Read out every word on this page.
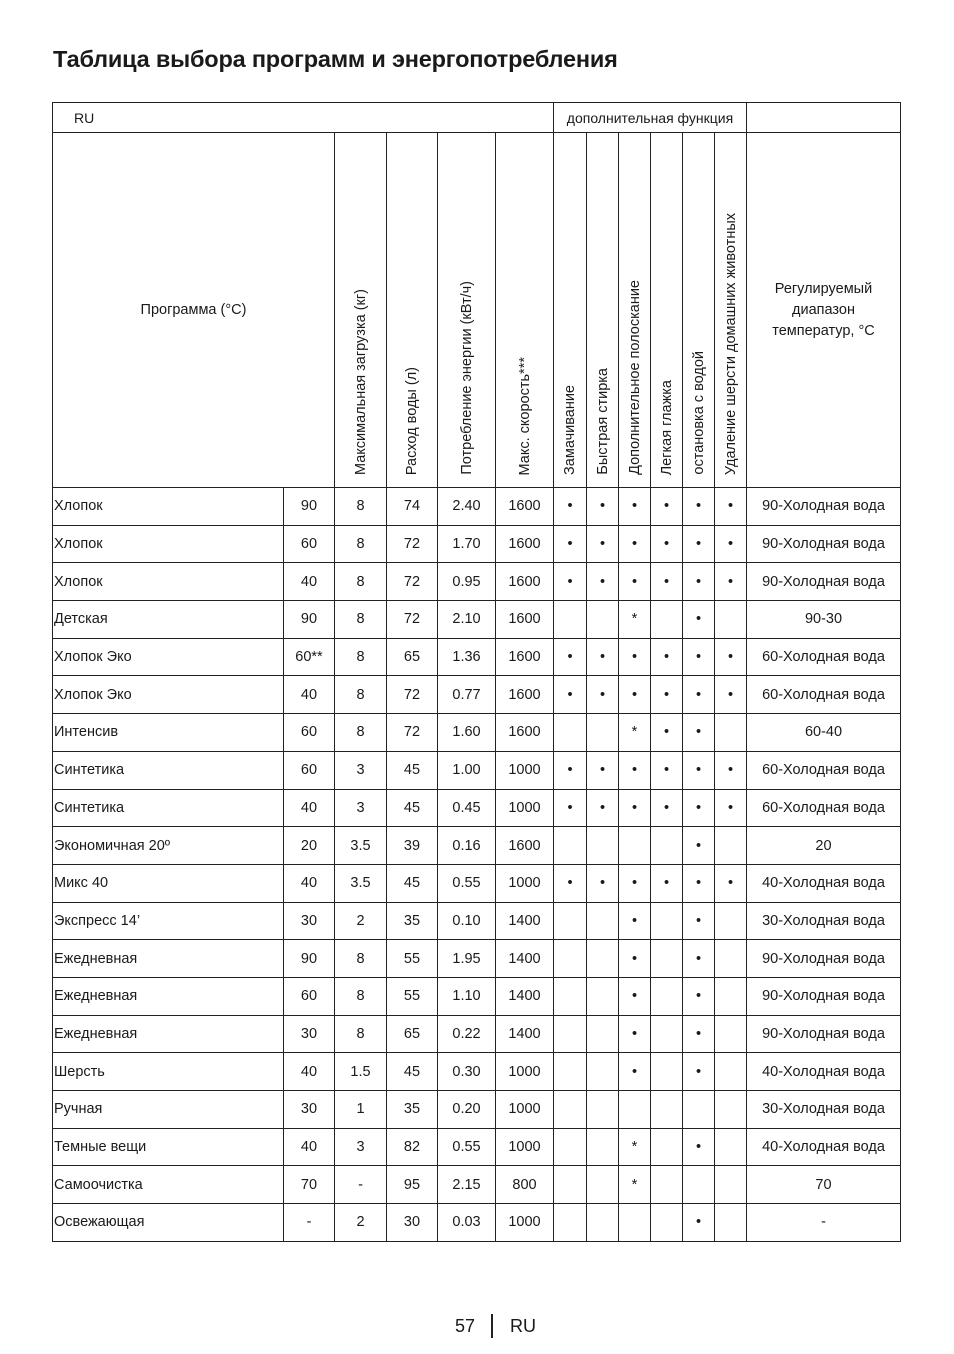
Таблица выбора программ и энергопотребления
RU						дополнительная функция						
Программа (°C)		Максимальная загрузка (кг)	Расход воды (л)	Потребление энергии (кВт/ч)	Макс. скорость***	Замачивание	Быстрая стирка	Дополнительное полоскание	Легкая глажка	остановка с водой	Удаление шерсти домашних животных	Регулируемый
диапазон
температур, °C

Хлопок	90	8	74	2.40	1600	•	•	•	•	•	•	90-Холодная вода
Хлопок	60	8	72	1.70	1600	•	•	•	•	•	•	90-Холодная вода
Хлопок	40	8	72	0.95	1600	•	•	•	•	•	•	90-Холодная вода
Детская	90	8	72	2.10	1600			*		•		90-30
Хлопок Эко	60**	8	65	1.36	1600	•	•	•	•	•	•	60-Холодная вода
Хлопок Эко	40	8	72	0.77	1600	•	•	•	•	•	•	60-Холодная вода
Интенсив	60	8	72	1.60	1600			*	•	•		60-40
Синтетика	60	3	45	1.00	1000	•	•	•	•	•	•	60-Холодная вода
Синтетика	40	3	45	0.45	1000	•	•	•	•	•	•	60-Холодная вода
Экономичная 20º	20	3.5	39	0.16	1600					•		20
Микс 40	40	3.5	45	0.55	1000	•	•	•	•	•	•	40-Холодная вода
Экспресс 14’	30	2	35	0.10	1400			•		•		30-Холодная вода
Ежедневная	90	8	55	1.95	1400			•		•		90-Холодная вода
Ежедневная	60	8	55	1.10	1400			•		•		90-Холодная вода
Ежедневная	30	8	65	0.22	1400			•		•		90-Холодная вода
Шерсть	40	1.5	45	0.30	1000			•		•		40-Холодная вода
Ручная	30	1	35	0.20	1000							30-Холодная вода
Темные вещи	40	3	82	0.55	1000			*		•		40-Холодная вода
Самоочистка	70	-	95	2.15	800			*				70
Освежающая	-	2	30	0.03	1000					•		-
57 RU
